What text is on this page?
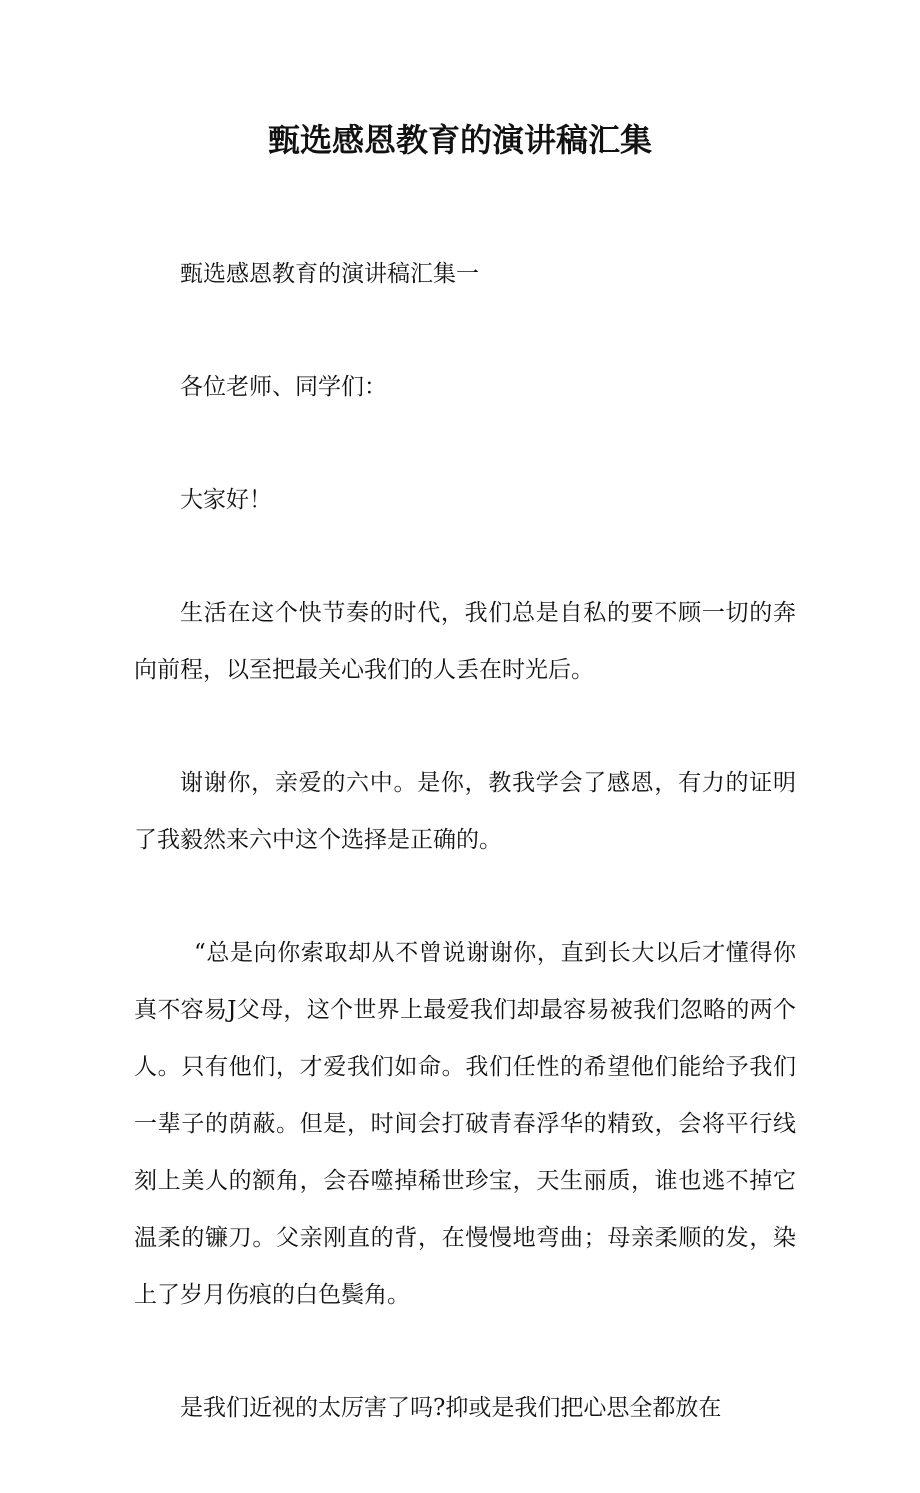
甄选感恩教育的演讲稿汇集

甄选感恩教育的演讲稿汇集一

各位老师、同学们：

大家好！

生活在这个快节奏的时代，我们总是自私的要不顾一切的奔向前程，以至把最关心我们的人丢在时光后。

谢谢你，亲爱的六中。是你，教我学会了感恩，有力的证明了我毅然来六中这个选择是正确的。

“总是向你索取却从不曾说谢谢你，直到长大以后才懂得你真不容易J父母，这个世界上最爱我们却最容易被我们忽略的两个人。只有他们，才爱我们如命。我们任性的希望他们能给予我们一辈子的荫蔽。但是，时间会打破青春浮华的精致，会将平行线刻上美人的额角，会吞噬掉稀世珍宝，天生丽质，谁也逃不掉它温柔的镰刀。父亲刚直的背，在慢慢地弯曲；母亲柔顺的发，染上了岁月伤痕的白色鬓角。

是我们近视的太厉害了吗?抑或是我们把心思全都放在
